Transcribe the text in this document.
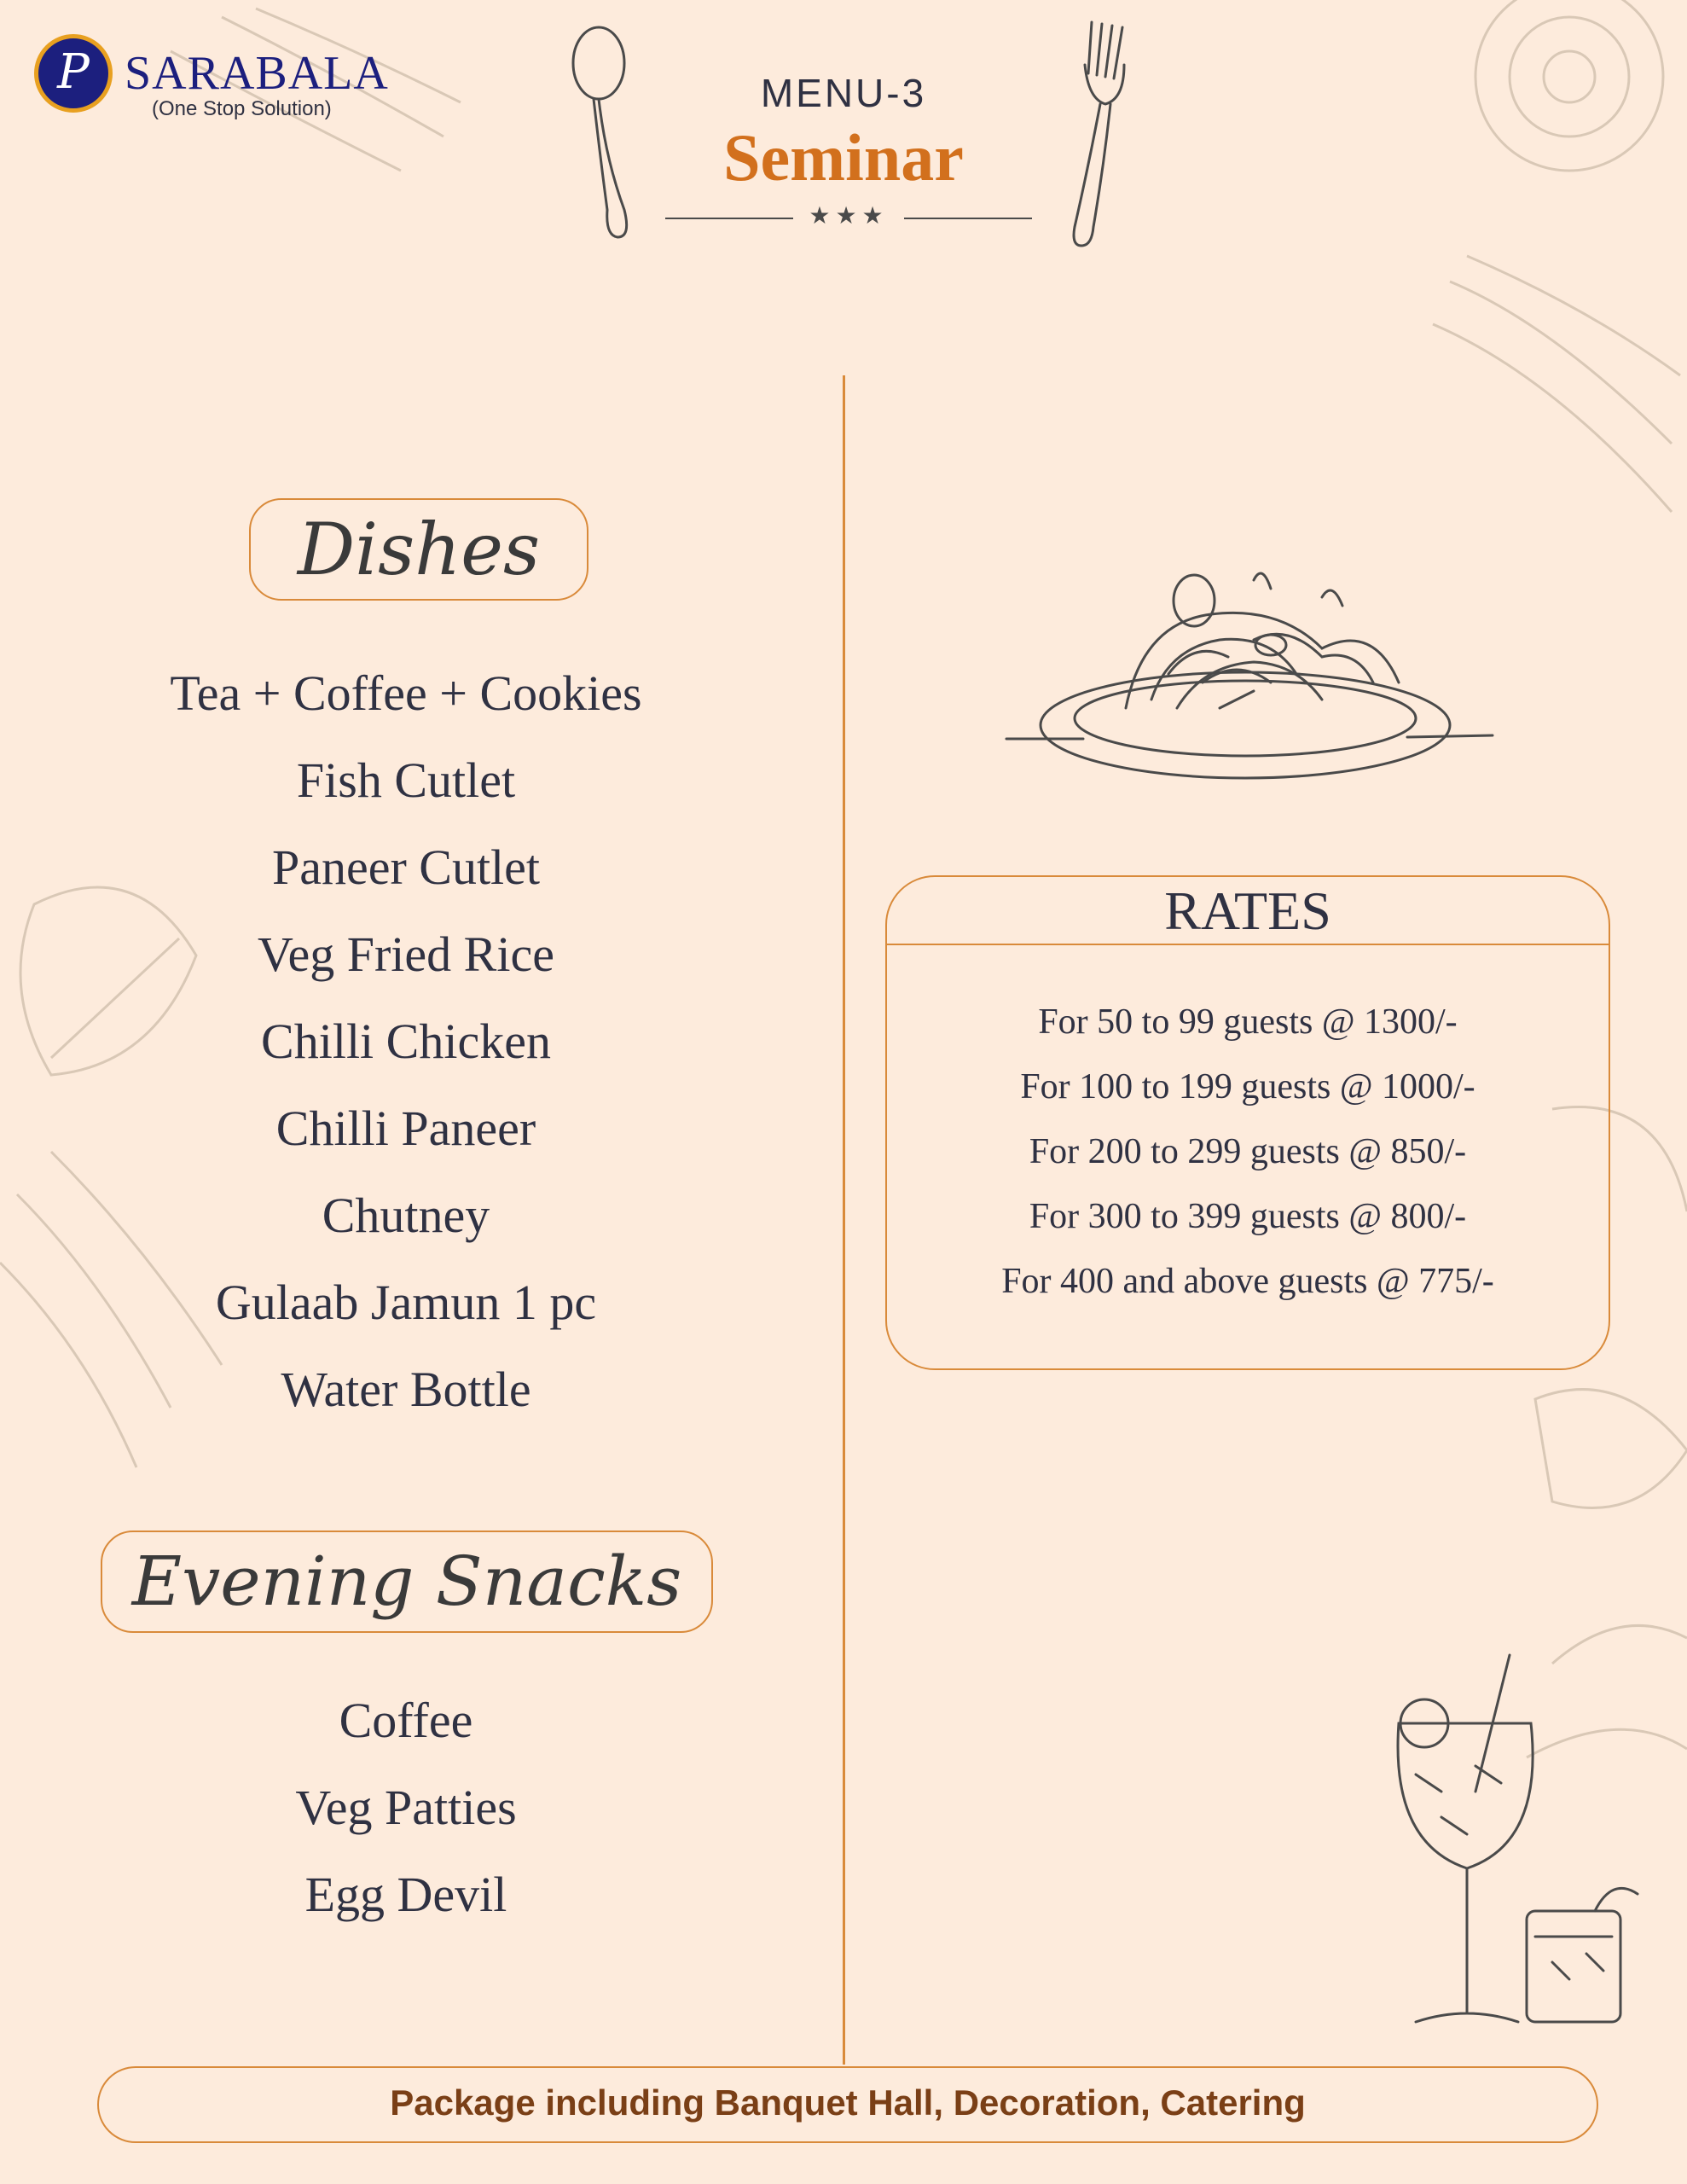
P SARABALA
(One Stop Solution)	MENU-3
Seminar
★★★
Dishes
Tea + Coffee + Cookies
Fish Cutlet
Paneer Cutlet
Veg Fried Rice
Chilli Chicken
Chilli Paneer
Chutney
Gulaab Jamun 1 pc
Water Bottle
Evening Snacks
Coffee
Veg Patties
Egg Devil
RATES
For 50 to 99 guests @ 1300/-
For 100 to 199 guests @ 1000/-
For 200 to 299 guests @ 850/-
For 300 to 399 guests @ 800/-
For 400 and above guests @ 775/-
Package including Banquet Hall, Decoration, Catering
